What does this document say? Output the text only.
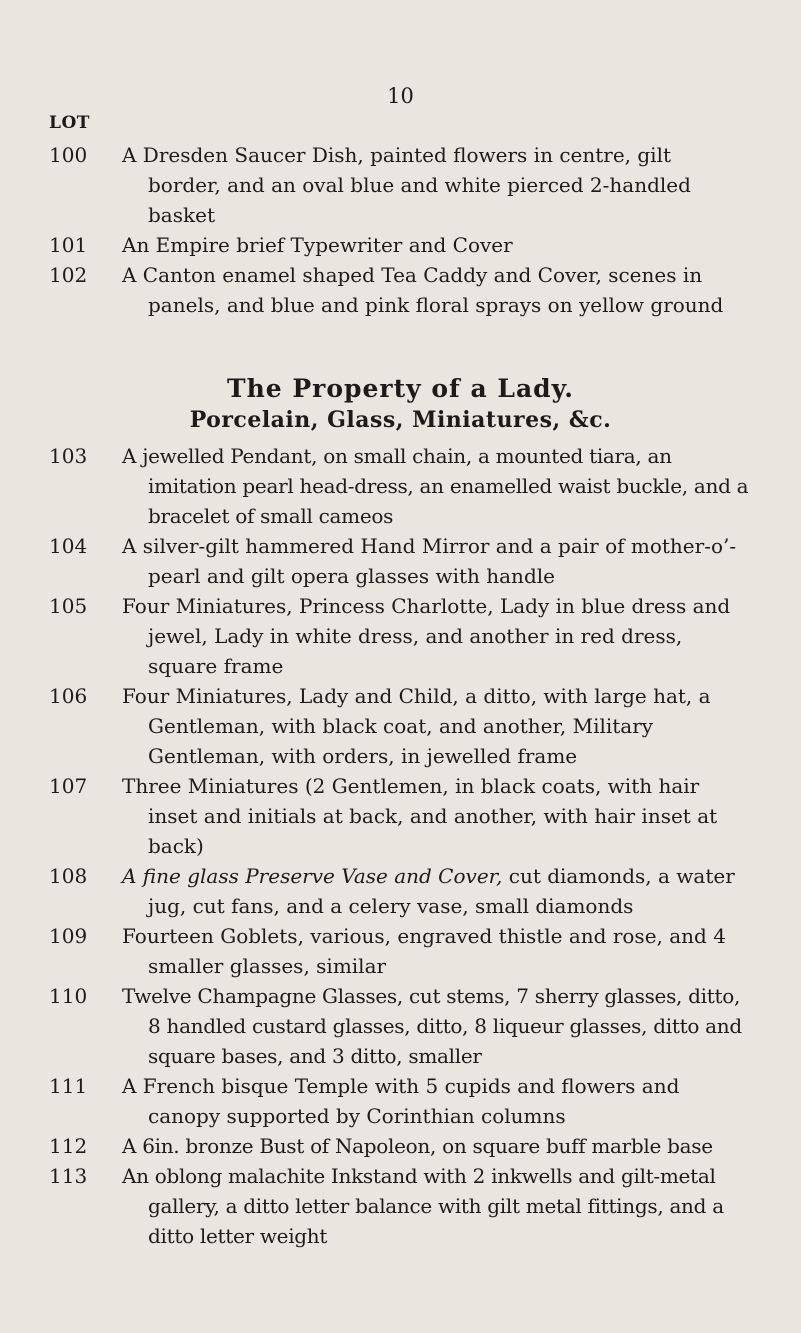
10
LOT
100	A Dresden Saucer Dish, painted flowers in centre, gilt border, and an oval blue and white pierced 2-handled basket
101	An Empire brief Typewriter and Cover
102	A Canton enamel shaped Tea Caddy and Cover, scenes in panels, and blue and pink floral sprays on yellow ground
The Property of a Lady.
Porcelain, Glass, Miniatures, &c.
103	A jewelled Pendant, on small chain, a mounted tiara, an imitation pearl head-dress, an enamelled waist buckle, and a bracelet of small cameos
104	A silver-gilt hammered Hand Mirror and a pair of mother-o’-pearl and gilt opera glasses with handle
105	Four Miniatures, Princess Charlotte, Lady in blue dress and jewel, Lady in white dress, and another in red dress, square frame
106	Four Miniatures, Lady and Child, a ditto, with large hat, a Gentleman, with black coat, and another, Military Gentleman, with orders, in jewelled frame
107	Three Miniatures (2 Gentlemen, in black coats, with hair inset and initials at back, and another, with hair inset at back)
108	A fine glass Preserve Vase and Cover, cut diamonds, a water jug, cut fans, and a celery vase, small diamonds
109	Fourteen Goblets, various, engraved thistle and rose, and 4 smaller glasses, similar
110	Twelve Champagne Glasses, cut stems, 7 sherry glasses, ditto, 8 handled custard glasses, ditto, 8 liqueur glasses, ditto and square bases, and 3 ditto, smaller
111	A French bisque Temple with 5 cupids and flowers and canopy supported by Corinthian columns
112	A 6in. bronze Bust of Napoleon, on square buff marble base
113	An oblong malachite Inkstand with 2 inkwells and gilt-metal gallery, a ditto letter balance with gilt metal fittings, and a ditto letter weight
